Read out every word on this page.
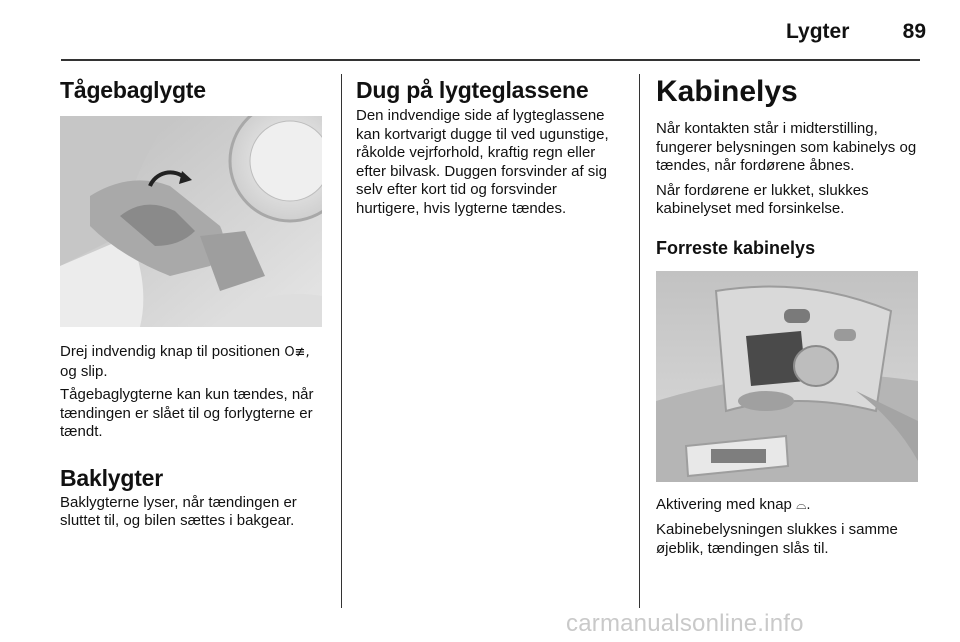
Lygter	89
Tågebaglygte

Drej indvendig knap til positionen O≢,
og slip.

Tågebaglygterne kan kun tændes, når tændingen er slået til og forlygterne er tændt.

Baklygter

Baklygterne lyser, når tændingen er sluttet til, og bilen sættes i bakgear.

Dug på lygteglassene

Den indvendige side af lygteglassene kan kortvarigt dugge til ved ugunstige, råkolde vejrforhold, kraftig regn eller efter bilvask. Duggen forsvinder af sig selv efter kort tid og forsvinder hurtigere, hvis lygterne tændes.

Kabinelys

Når kontakten står i midterstilling, fungerer belysningen som kabinelys og tændes, når fordørene åbnes.

Når fordørene er lukket, slukkes kabinelyset med forsinkelse.

Forreste kabinelys

Aktivering med knap ⌓.

Kabinebelysningen slukkes i samme øjeblik, tændingen slås til.

carmanualsonline.info
